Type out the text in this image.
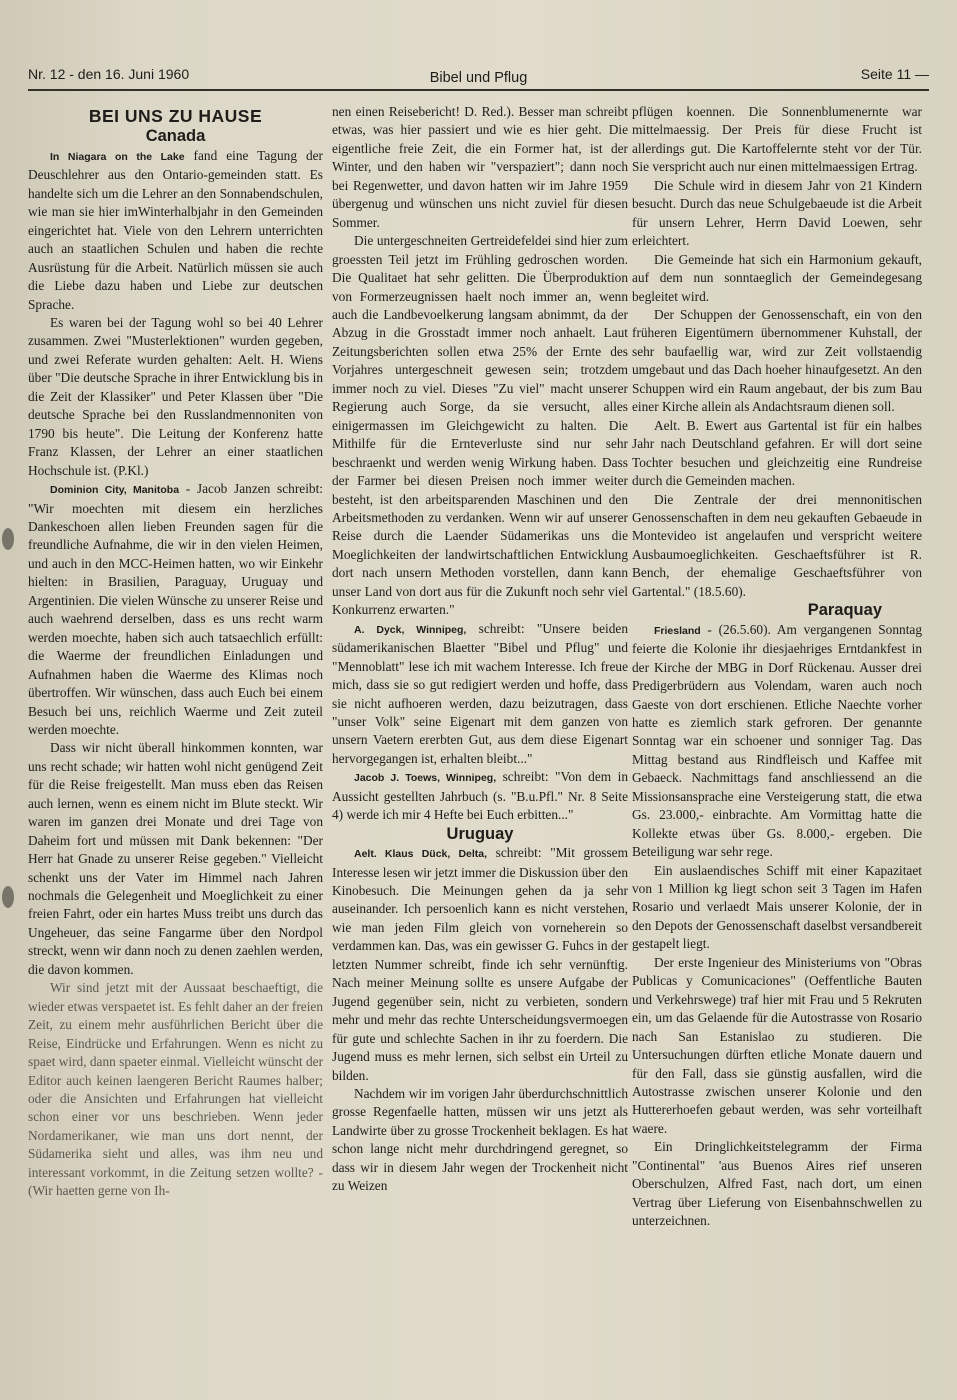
Nr. 12 - den 16. Juni 1960	Bibel und Pflug	Seite 11 —
BEI UNS ZU HAUSE
Canada

In Niagara on the Lake fand eine Tagung der Deuschlehrer aus den Ontario-gemeinden statt. Es handelte sich um die Lehrer an den Sonnabendschulen, wie man sie hier imWinterhalbjahr in den Gemeinden eingerichtet hat. Viele von den Lehrern unterrichten auch an staatlichen Schulen und haben die rechte Ausrüstung für die Arbeit. Natürlich müssen sie auch die Liebe dazu haben und Liebe zur deutschen Sprache.

Es waren bei der Tagung wohl so bei 40 Lehrer zusammen. Zwei "Musterlektionen" wurden gegeben, und zwei Referate wurden gehalten: Aelt. H. Wiens über "Die deutsche Sprache in ihrer Entwicklung bis in die Zeit der Klassiker" und Peter Klassen über "Die deutsche Sprache bei den Russlandmennoniten von 1790 bis heute". Die Leitung der Konferenz hatte Franz Klassen, der Lehrer an einer staatlichen Hochschule ist. (P.Kl.)

Dominion City, Manitoba - Jacob Janzen schreibt: "Wir moechten mit diesem ein herzliches Dankeschoen allen lieben Freunden sagen für die freundliche Aufnahme, die wir in den vielen Heimen, und auch in den MCC-Heimen hatten, wo wir Einkehr hielten: in Brasilien, Paraguay, Uruguay und Argentinien. Die vielen Wünsche zu unserer Reise und auch waehrend derselben, dass es uns recht warm werden moechte, haben sich auch tatsaechlich erfüllt: die Waerme der freundlichen Einladungen und Aufnahmen haben die Waerme des Klimas noch übertroffen. Wir wünschen, dass auch Euch bei einem Besuch bei uns, reichlich Waerme und Zeit zuteil werden moechte.

Dass wir nicht überall hinkommen konnten, war uns recht schade; wir hatten wohl nicht genügend Zeit für die Reise freigestellt. Man muss eben das Reisen auch lernen, wenn es einem nicht im Blute steckt. Wir waren im ganzen drei Monate und drei Tage von Daheim fort und müssen mit Dank bekennen: "Der Herr hat Gnade zu unserer Reise gegeben." Vielleicht schenkt uns der Vater im Himmel nach Jahren nochmals die Gelegenheit und Moeglichkeit zu einer freien Fahrt, oder ein hartes Muss treibt uns durch das Ungeheuer, das seine Fangarme über den Nordpol streckt, wenn wir dann noch zu denen zaehlen werden, die davon kommen.

Wir sind jetzt mit der Aussaat beschaeftigt, die wieder etwas verspaetet ist. Es fehlt daher an der freien Zeit, zu einem mehr ausführlichen Bericht über die Reise, Eindrücke und Erfahrungen. Wenn es nicht zu spaet wird, dann spaeter einmal. Vielleicht wünscht der Editor auch keinen laengeren Bericht Raumes halber; oder die Ansichten und Erfahrungen hat vielleicht schon einer vor uns beschrieben. Wenn jeder Nordamerikaner, wie man uns dort nennt, der Südamerika sieht und alles, was ihm neu und interessant vorkommt, in die Zeitung setzen wollte? - (Wir haetten gerne von Ih-

nen einen Reisebericht! D. Red.). Besser man schreibt etwas, was hier passiert und wie es hier geht. Die eigentliche freie Zeit, die ein Former hat, ist der Winter, und den haben wir "verspaziert"; dann noch bei Regenwetter, und davon hatten wir im Jahre 1959 übergenug und wünschen uns nicht zuviel für diesen Sommer.

Die untergeschneiten Gertreidefeldei sind hier zum groessten Teil jetzt im Frühling gedroschen worden. Die Qualitaet hat sehr gelitten. Die Überproduktion von Formerzeugnissen haelt noch immer an, wenn auch die Landbevoelkerung langsam abnimmt, da der Abzug in die Grosstadt immer noch anhaelt. Laut Zeitungsberichten sollen etwa 25% der Ernte des Vorjahres untergeschneit gewesen sein; trotzdem immer noch zu viel. Dieses "Zu viel" macht unserer Regierung auch Sorge, da sie versucht, alles einigermassen im Gleichgewicht zu halten. Die Mithilfe für die Ernteverluste sind nur sehr beschraenkt und werden wenig Wirkung haben. Dass der Farmer bei diesen Preisen noch immer weiter besteht, ist den arbeitsparenden Maschinen und den Arbeitsmethoden zu verdanken. Wenn wir auf unserer Reise durch die Laender Südamerikas uns die Moeglichkeiten der landwirtschaftlichen Entwicklung dort nach unsern Methoden vorstellen, dann kann unser Land von dort aus für die Zukunft noch sehr viel Konkurrenz erwarten."

A. Dyck, Winnipeg, schreibt: "Unsere beiden südamerikanischen Blaetter "Bibel und Pflug" und "Mennoblatt" lese ich mit wachem Interesse. Ich freue mich, dass sie so gut redigiert werden und hoffe, dass sie nicht aufhoeren werden, dazu beizutragen, dass "unser Volk" seine Eigenart mit dem ganzen von unsern Vaetern ererbten Gut, aus dem diese Eigenart hervorgegangen ist, erhalten bleibt..."

Jacob J. Toews, Winnipeg, schreibt: "Von dem in Aussicht gestellten Jahrbuch (s. "B.u.Pfl." Nr. 8 Seite 4) werde ich mir 4 Hefte bei Euch erbitten..."

Uruguay

Aelt. Klaus Dück, Delta, schreibt: "Mit grossem Interesse lesen wir jetzt immer die Diskussion über den Kinobesuch. Die Meinungen gehen da ja sehr auseinander. Ich persoenlich kann es nicht verstehen, wie man jeden Film gleich von vorneherein so verdammen kan. Das, was ein gewisser G. Fuhcs in der letzten Nummer schreibt, finde ich sehr vernünftig. Nach meiner Meinung sollte es unsere Aufgabe der Jugend gegenüber sein, nicht zu verbieten, sondern mehr und mehr das rechte Unterscheidungsvermoegen für gute und schlechte Sachen in ihr zu foerdern. Die Jugend muss es mehr lernen, sich selbst ein Urteil zu bilden.

Nachdem wir im vorigen Jahr überdurchschnittlich grosse Regenfaelle hatten, müssen wir uns jetzt als Landwirte über zu grosse Trockenheit beklagen. Es hat schon lange nicht mehr durchdringend geregnet, so dass wir in diesem Jahr wegen der Trockenheit nicht zu Weizen

pflügen koennen. Die Sonnenblumenernte war mittelmaessig. Der Preis für diese Frucht ist allerdings gut. Die Kartoffelernte steht vor der Tür. Sie verspricht auch nur einen mittelmaessigen Ertrag.

Die Schule wird in diesem Jahr von 21 Kindern besucht. Durch das neue Schulgebaeude ist die Arbeit für unsern Lehrer, Herrn David Loewen, sehr erleichtert.

Die Gemeinde hat sich ein Harmonium gekauft, auf dem nun sonntaeglich der Gemeindegesang begleitet wird.

Der Schuppen der Genossenschaft, ein von den früheren Eigentümern übernommener Kuhstall, der sehr baufaellig war, wird zur Zeit vollstaendig umgebaut und das Dach hoeher hinaufgesetzt. An den Schuppen wird ein Raum angebaut, der bis zum Bau einer Kirche allein als Andachtsraum dienen soll.

Aelt. B. Ewert aus Gartental ist für ein halbes Jahr nach Deutschland gefahren. Er will dort seine Tochter besuchen und gleichzeitig eine Rundreise durch die Gemeinden machen.

Die Zentrale der drei mennonitischen Genossenschaften in dem neu gekauften Gebaeude in Montevideo ist angelaufen und verspricht weitere Ausbaumoeglichkeiten. Geschaeftsführer ist R. Bench, der ehemalige Geschaeftsführer von Gartental." (18.5.60).

Paraquay

Friesland - (26.5.60). Am vergangenen Sonntag feierte die Kolonie ihr diesjaehriges Erntdankfest in der Kirche der MBG in Dorf Rückenau. Ausser drei Predigerbrüdern aus Volendam, waren auch noch Gaeste von dort erschienen. Etliche Naechte vorher hatte es ziemlich stark gefroren. Der genannte Sonntag war ein schoener und sonniger Tag. Das Mittag bestand aus Rindfleisch und Kaffee mit Gebaeck. Nachmittags fand anschliessend an die Missionsansprache eine Versteigerung statt, die etwa Gs. 23.000,- einbrachte. Am Vormittag hatte die Kollekte etwas über Gs. 8.000,- ergeben. Die Beteiligung war sehr rege.

Ein auslaendisches Schiff mit einer Kapazitaet von 1 Million kg liegt schon seit 3 Tagen im Hafen Rosario und verlaedt Mais unserer Kolonie, der in den Depots der Genossenschaft daselbst versandbereit gestapelt liegt.

Der erste Ingenieur des Ministeriums von "Obras Publicas y Comunicaciones" (Oeffentliche Bauten und Verkehrswege) traf hier mit Frau und 5 Rekruten ein, um das Gelaende für die Autostrasse von Rosario nach San Estanislao zu studieren. Die Untersuchungen dürften etliche Monate dauern und für den Fall, dass sie günstig ausfallen, wird die Autostrasse zwischen unserer Kolonie und den Huttererhoefen gebaut werden, was sehr vorteilhaft waere.

Ein Dringlichkeitstelegramm der Firma "Continental" 'aus Buenos Aires rief unseren Oberschulzen, Alfred Fast, nach dort, um einen Vertrag über Lieferung von Eisenbahnschwellen zu unterzeichnen.
